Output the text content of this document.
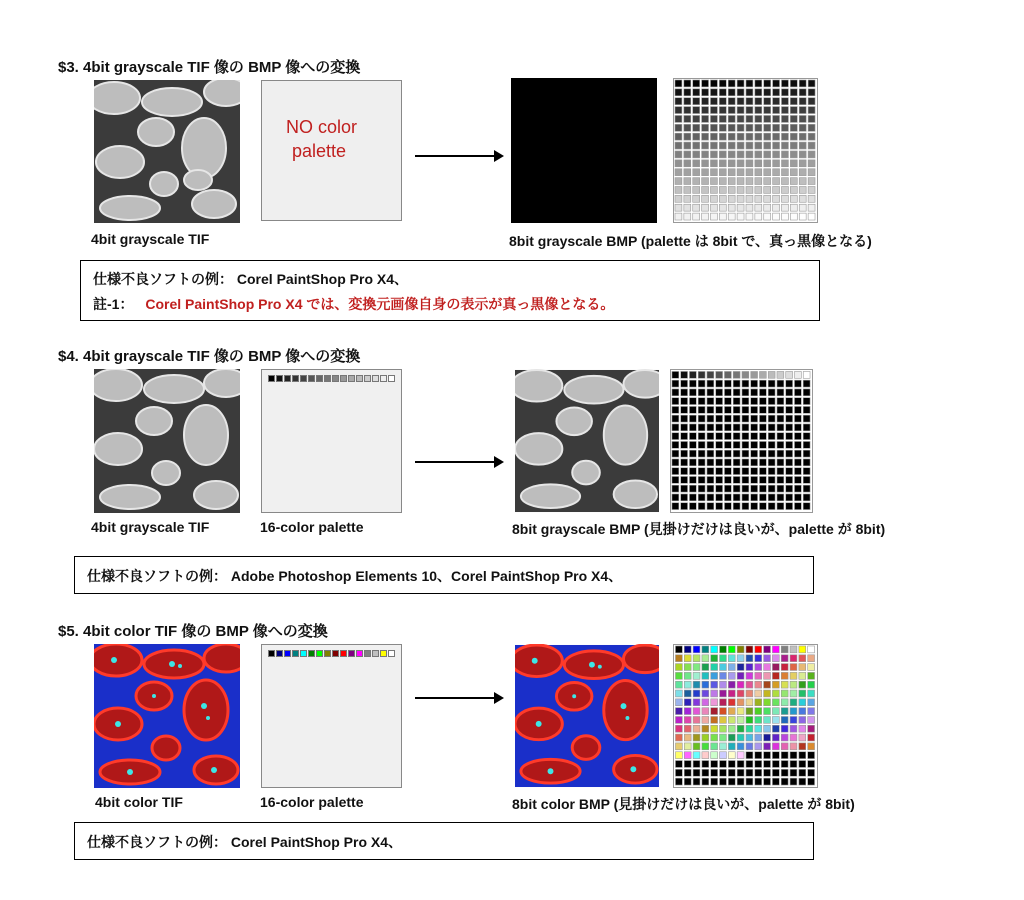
$3. 4bit grayscale TIF 像の BMP 像への変換
NO color
palette
4bit grayscale TIF	8bit grayscale BMP (palette は 8bit で、真っ黒像となる)
仕様不良ソフトの例： Corel PaintShop Pro X4、
註-1： Corel PaintShop Pro X4 では、変換元画像自身の表示が真っ黒像となる。
$4. 4bit grayscale TIF 像の BMP 像への変換
4bit grayscale TIF	16-color palette	8bit grayscale BMP (見掛けだけは良いが、palette が 8bit)
仕様不良ソフトの例： Adobe Photoshop Elements 10、Corel PaintShop Pro X4、
$5. 4bit color TIF 像の BMP 像への変換
4bit color TIF	16-color palette	8bit color BMP (見掛けだけは良いが、palette が 8bit)
仕様不良ソフトの例： Corel PaintShop Pro X4、
